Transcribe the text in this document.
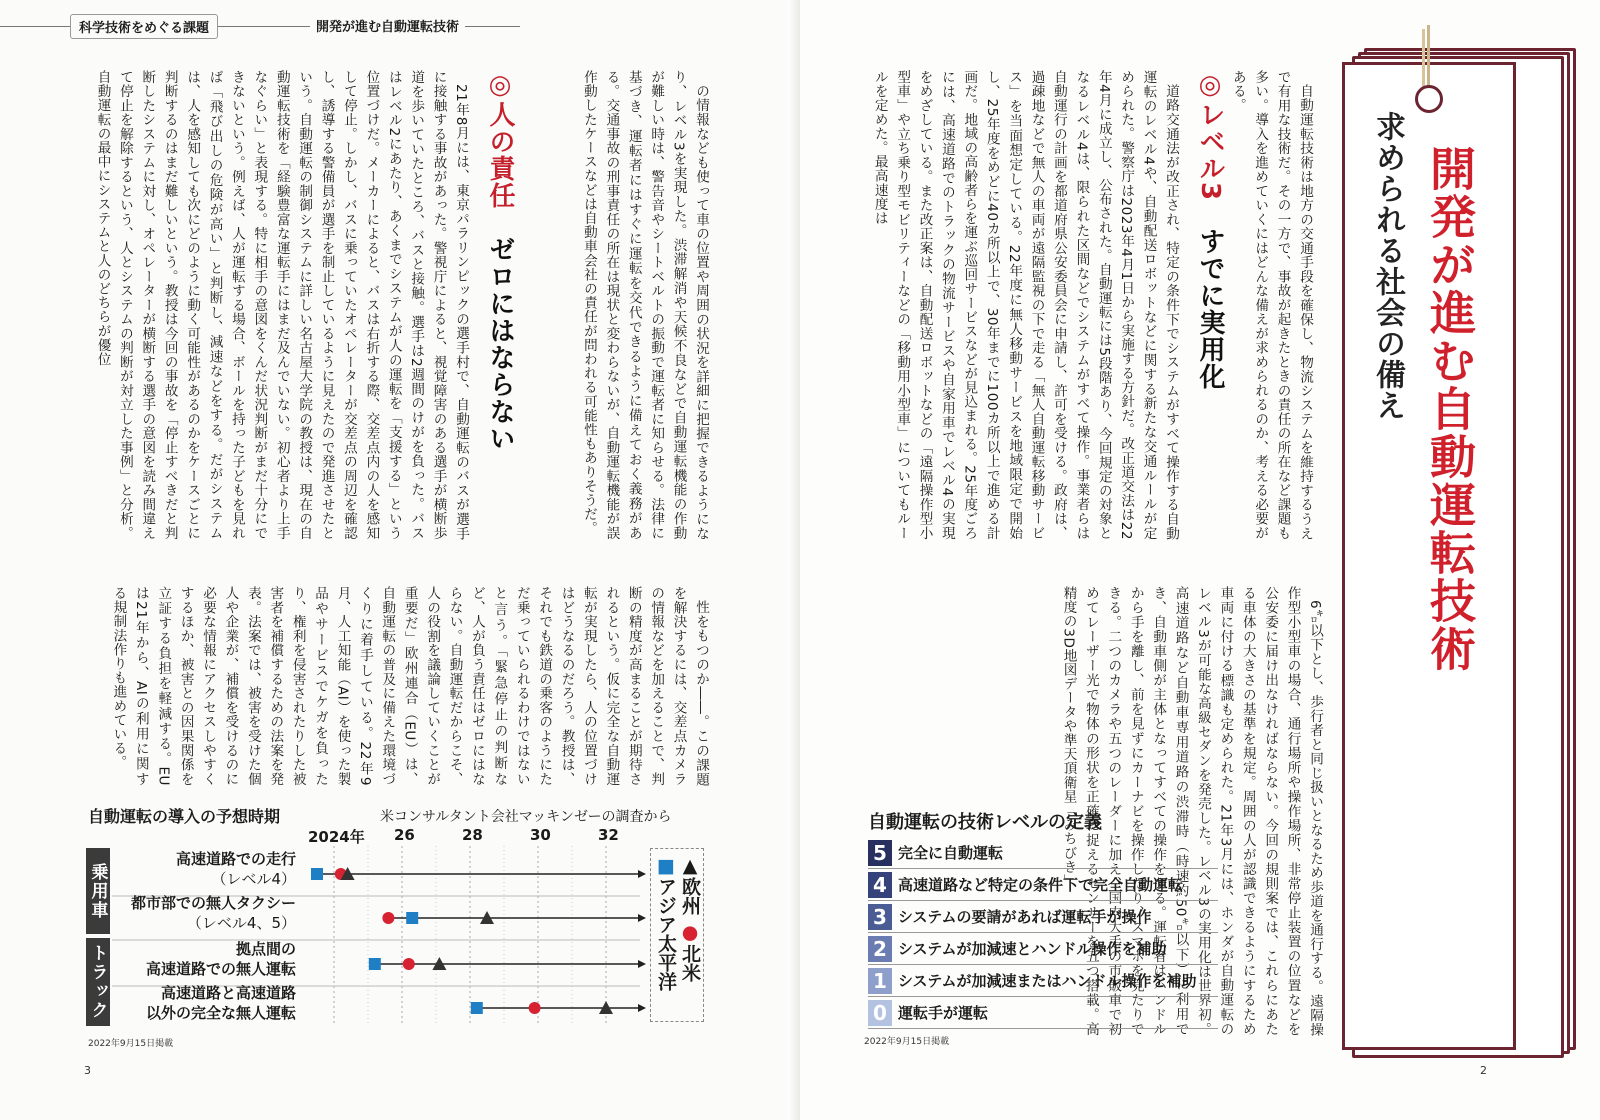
科学技術をめぐる課題	開発が進む自動運転技術

の情報なども使って車の位置や周囲の状況を詳細に把握できるようになり、レベル3を実現した。渋滞解消や天候不良などで自動運転機能の作動が難しい時は、警告音やシートベルトの振動で運転者に知らせる。法律に基づき、運転者にはすぐに運転を交代できるように備えておく義務がある。交通事故の刑事責任の所在は現状と変わらないが、自動運転機能が誤作動したケースなどは自動車会社の責任が問われる可能性もありそうだ。

◎人の責任　ゼロにはならない

21年8月には、東京パラリンピックの選手村で、自動運転のバスが選手に接触する事故があった。警視庁によると、視覚障害のある選手が横断歩道を歩いていたところ、バスと接触。選手は2週間のけがを負った。バスはレベル2にあたり、あくまでシステムが人の運転を「支援する」という位置づけだ。メーカーによると、バスは右折する際、交差点内の人を感知して停止。しかし、バスに乗っていたオペレーターが交差点の周辺を確認し、誘導する警備員が選手を制止しているように見えたので発進させたという。自動運転の制御システムに詳しい名古屋大学院の教授は、現在の自動運転技術を「経験豊富な運転手にはまだ及んでいない。初心者より上手なぐらい」と表現する。特に相手の意図をくんだ状況判断がまだ十分にできないという。例えば、人が運転する場合、ボールを持った子どもを見れば「飛び出しの危険が高い」と判断し、減速などをする。だがシステムは、人を感知しても次にどのように動く可能性があるのかをケースごとに判断するのはまだ難しいという。教授は今回の事故を「停止すべきだと判断したシステムに対し、オペレーターが横断する選手の意図を読み間違えて停止を解除するという、人とシステムの判断が対立した事例」と分析。自動運転の最中にシステムと人のどちらが優位

性をもつのか――。この課題を解決するには、交差点カメラの情報などを加えることで、判断の精度が高まることが期待されるという。仮に完全な自動運転が実現したら、人の位置づけはどうなるのだろう。教授は、それでも鉄道の乗客のようにただ乗っていられるわけではないと言う。「緊急停止の判断など、人が負う責任はゼロにはならない。自動運転だからこそ、人の役割を議論していくことが重要だ」欧州連合（EU）は、自動運転の普及に備えた環境づくりに着手している。22年9月、人工知能（AI）を使った製品やサービスでケガを負ったり、権利を侵害されたりした被害者を補償するための法案を発表。法案では、被害を受けた個人や企業が、補償を受けるのに必要な情報にアクセスしやすくするほか、被害との因果関係を立証する負担を軽減する。EUは21年から、AIの利用に関する規制法作りも進めている。

自動運転の導入の予想時期	米コンサルタント会社マッキンゼーの調査から
2024年 26	28	30	32
乗用車
トラック
高速道路での走行
（レベル4）
都市部での無人タクシー
（レベル4、5）
拠点間の
高速道路での無人運転
高速道路と高速道路
以外の完全な無人運転
▲欧州 ●北米
■アジア太平洋
2022年9月15日掲載
3
開発が進む自動運転技術
求められる社会の備え

自動運転技術は地方の交通手段を確保し、物流システムを維持するうえで有用な技術だ。その一方で、事故が起きたときの責任の所在など課題も多い。導入を進めていくにはどんな備えが求められるのか、考える必要がある。

◎レベル3　すでに実用化

道路交通法が改正され、特定の条件下でシステムがすべて操作する自動運転のレベル4や、自動配送ロボットなどに関する新たな交通ルールが定められた。警察庁は2023年4月1日から実施する方針だ。改正道交法は22年4月に成立し、公布された。自動運転には5段階あり、今回規定の対象となるレベル4は、限られた区間などでシステムがすべて操作。事業者らは自動運行の計画を都道府県公安委員会に申請し、許可を受ける。政府は、過疎地などで無人の車両が遠隔監視の下で走る「無人自動運転移動サービス」を当面想定している。22年度に無人移動サービスを地域限定で開始し、25年度をめどに40カ所以上で、30年までに100カ所以上で進める計画だ。地域の高齢者らを運ぶ巡回サービスなどが見込まれる。25年度ごろには、高速道路でのトラックの物流サービスや自家用車でレベル4の実現をめざしている。また改正案は、自動配送ロボットなどの「遠隔操作型小型車」や立ち乗り型モビリティーなどの「移動用小型車」についてもルールを定めた。最高速度は

6㌔以下とし、歩行者と同じ扱いとなるため歩道を通行する。遠隔操作型小型車の場合、通行場所や操作場所、非常停止装置の位置などを公安委に届け出なければならない。今回の規則案では、これらにあたる車体の大きさの基準を規定。周囲の人が認識できるようにするため車両に付ける標識も定められた。21年3月には、ホンダが自動運転のレベル3が可能な高級セダンを発売した。レベル3の実用化は世界初。高速道路など自動車専用道路の渋滞時（時速約50㌔以下）に利用でき、自動車側が主体となってすべての操作をする。運転者はハンドルから手を離し、前を見ずにカーナビを操作したり、スマホを見たりできる。二つのカメラや五つのレーダーに加え、国内大手の市販車で初めてレーザー光で物体の形状を正確に捉えるセンサーを五つ搭載。高精度の3D地図データや準天頂衛星「みちびき」

2
自動運転の技術レベルの定義
5 完全に自動運転
4 高速道路など特定の条件下で完全自動運転
3 システムの要請があれば運転手が操作
2 システムが加減速とハンドル操作を補助
1 システムが加減速またはハンドル操作を補助
0 運転手が運転
2022年9月15日掲載
